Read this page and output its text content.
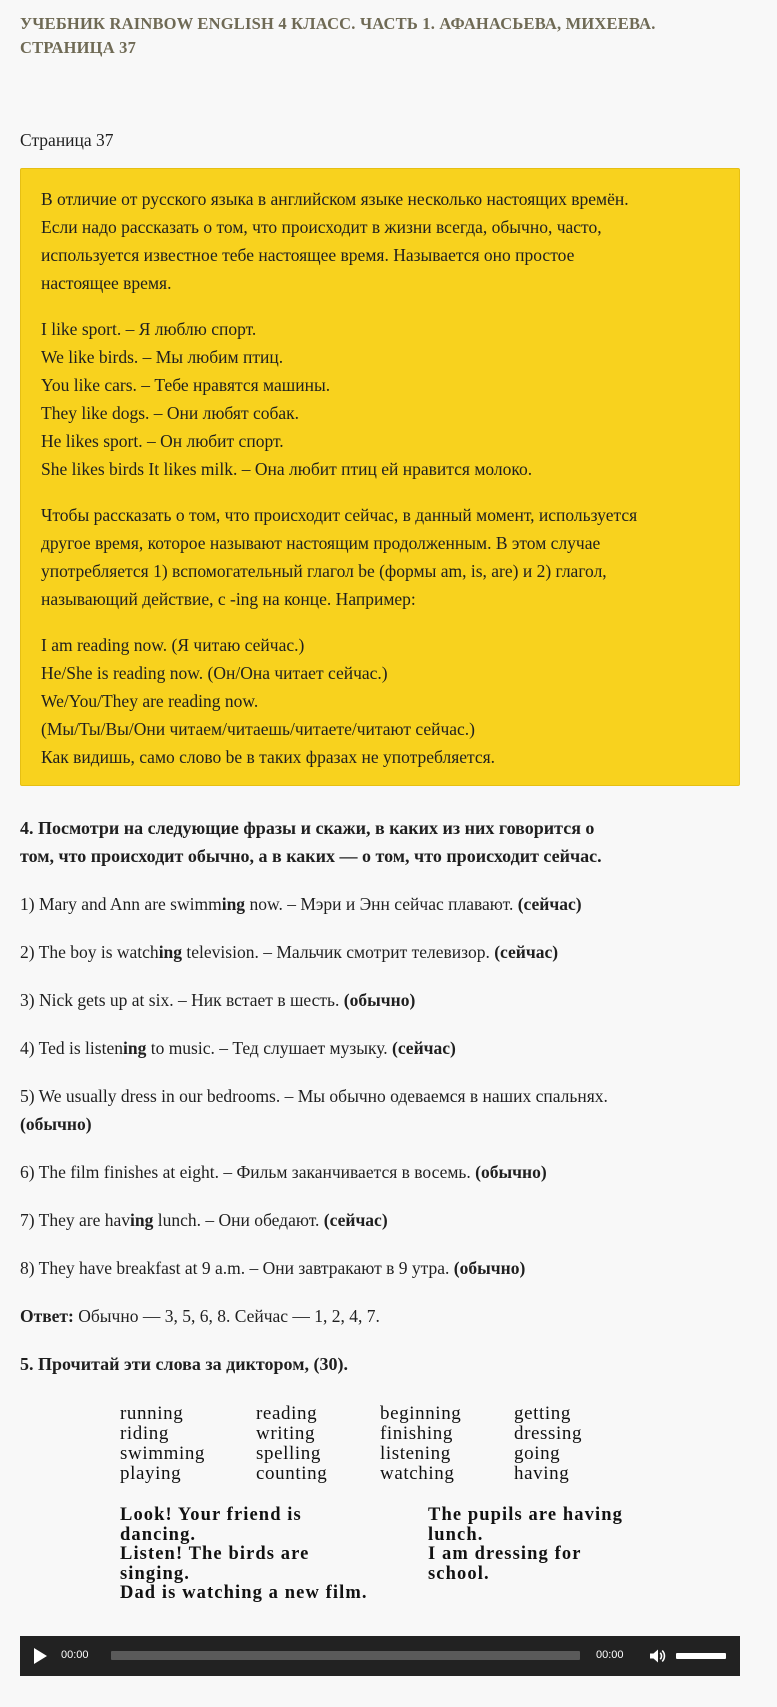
УЧЕБНИК RAINBOW ENGLISH 4 КЛАСС. ЧАСТЬ 1. АФАНАСЬЕВА, МИХЕЕВА.
СТРАНИЦА 37

Страница 37

В отличие от русского языка в английском языке несколько настоящих времён.
Если надо рассказать о том, что происходит в жизни всегда, обычно, часто,
используется известное тебе настоящее время. Называется оно простое
настоящее время.

I like sport. – Я люблю спорт.
We like birds. – Мы любим птиц.
You like cars. – Тебе нравятся машины.
They like dogs. – Они любят собак.
He likes sport. – Он любит спорт.
She likes birds It likes milk. – Она любит птиц ей нравится молоко.

Чтобы рассказать о том, что происходит сейчас, в данный момент, используется
другое время, которое называют настоящим продолженным. В этом случае
употребляется 1) вспомогательный глагол be (формы am, is, are) и 2) глагол,
называющий действие, с -ing на конце. Например:

I am reading now. (Я читаю сейчас.)
He/She is reading now. (Он/Она читает сейчас.)
We/You/They are reading now.
(Мы/Ты/Вы/Они читаем/читаешь/читаете/читают сейчас.)
Как видишь, само слово be в таких фразах не употребляется.

4. Посмотри на следующие фразы и скажи, в каких из них говорится о
том, что происходит обычно, а в каких — о том, что происходит сейчас.

1) Mary and Ann are swimming now. – Мэри и Энн сейчас плавают. (сейчас)

2) The boy is watching television. – Мальчик смотрит телевизор. (сейчас)

3) Nick gets up at six. – Ник встает в шесть. (обычно)

4) Ted is listening to music. – Тед слушает музыку. (сейчас)

5) We usually dress in our bedrooms. – Мы обычно одеваемся в наших спальнях.
(обычно)

6) The film finishes at eight. – Фильм заканчивается в восемь. (обычно)

7) They are having lunch. – Они обедают. (сейчас)

8) They have breakfast at 9 a.m. – Они завтракают в 9 утра. (обычно)

Ответ: Обычно — 3, 5, 6, 8. Сейчас — 1, 2, 4, 7.

5. Прочитай эти слова за диктором, (30).

running	reading	beginning	getting
riding	writing	finishing	dressing
swimming	spelling	listening	going
playing	counting	watching	having
Look! Your friend is
dancing.
Listen! The birds are
singing.
Dad is watching a new film.
The pupils are having
lunch.
I am dressing for
school.
00:00	00:00
